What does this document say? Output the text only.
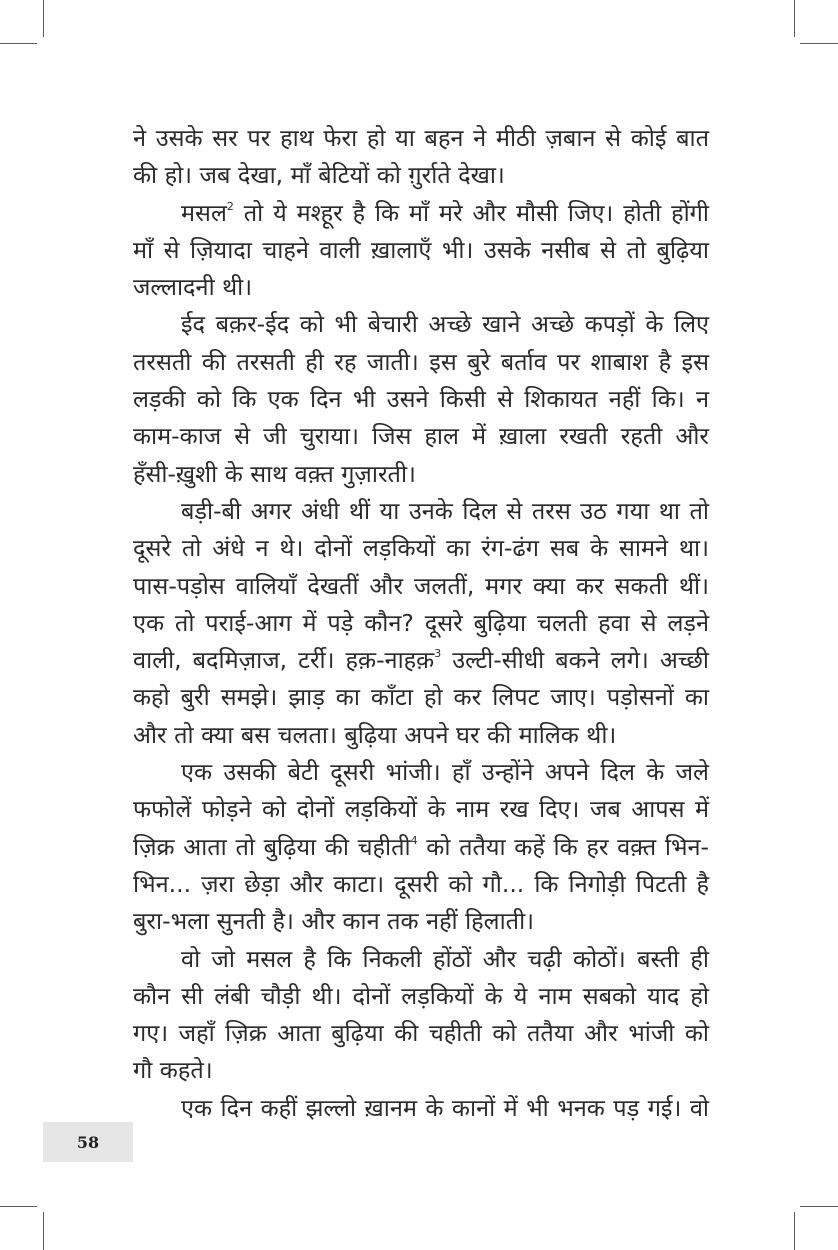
ने उसके सर पर हाथ फेरा हो या बहन ने मीठी ज़बान से कोई बात
की हो। जब देखा, माँ बेटियों को ग़ुर्राते देखा।
मसल$^2$ तो ये मश्हूर है कि माँ मरे और मौसी जिए। होती होंगी
माँ से ज़ियादा चाहने वाली ख़ालाएँ भी। उसके नसीब से तो बुढ़िया
जल्लादनी थी।
ईद बक़र-ईद को भी बेचारी अच्छे खाने अच्छे कपड़ों के लिए
तरसती की तरसती ही रह जाती। इस बुरे बर्ताव पर शाबाश है इस
लड़की को कि एक दिन भी उसने किसी से शिकायत नहीं कि। न
काम-काज से जी चुराया। जिस हाल में ख़ाला रखती रहती और
हँसी-ख़ुशी के साथ वक़्त गुज़ारती।
बड़ी-बी अगर अंधी थीं या उनके दिल से तरस उठ गया था तो
दूसरे तो अंधे न थे। दोनों लड़कियों का रंग-ढंग सब के सामने था।
पास-पड़ोस वालियाँ देखतीं और जलतीं, मगर क्या कर सकती थीं।
एक तो पराई-आग में पड़े कौन? दूसरे बुढ़िया चलती हवा से लड़ने
वाली, बदमिज़ाज, टर्री। हक़-नाहक़$^3$ उल्टी-सीधी बकने लगे। अच्छी
कहो बुरी समझे। झाड़ का काँटा हो कर लिपट जाए। पड़ोसनों का
और तो क्या बस चलता। बुढ़िया अपने घर की मालिक थी।
एक उसकी बेटी दूसरी भांजी। हाँ उन्होंने अपने दिल के जले
फफोलें फोड़ने को दोनों लड़कियों के नाम रख दिए। जब आपस में
ज़िक्र आता तो बुढ़िया की चहीती$^4$ को ततैया कहें कि हर वक़्त भिन-
भिन... ज़रा छेड़ा और काटा। दूसरी को गौ... कि निगोड़ी पिटती है
बुरा-भला सुनती है। और कान तक नहीं हिलाती।
वो जो मसल है कि निकली होंठों और चढ़ी कोठों। बस्ती ही
कौन सी लंबी चौड़ी थी। दोनों लड़कियों के ये नाम सबको याद हो
गए। जहाँ ज़िक्र आता बुढ़िया की चहीती को ततैया और भांजी को
गौ कहते।
एक दिन कहीं झल्लो ख़ानम के कानों में भी भनक पड़ गई। वो
58
